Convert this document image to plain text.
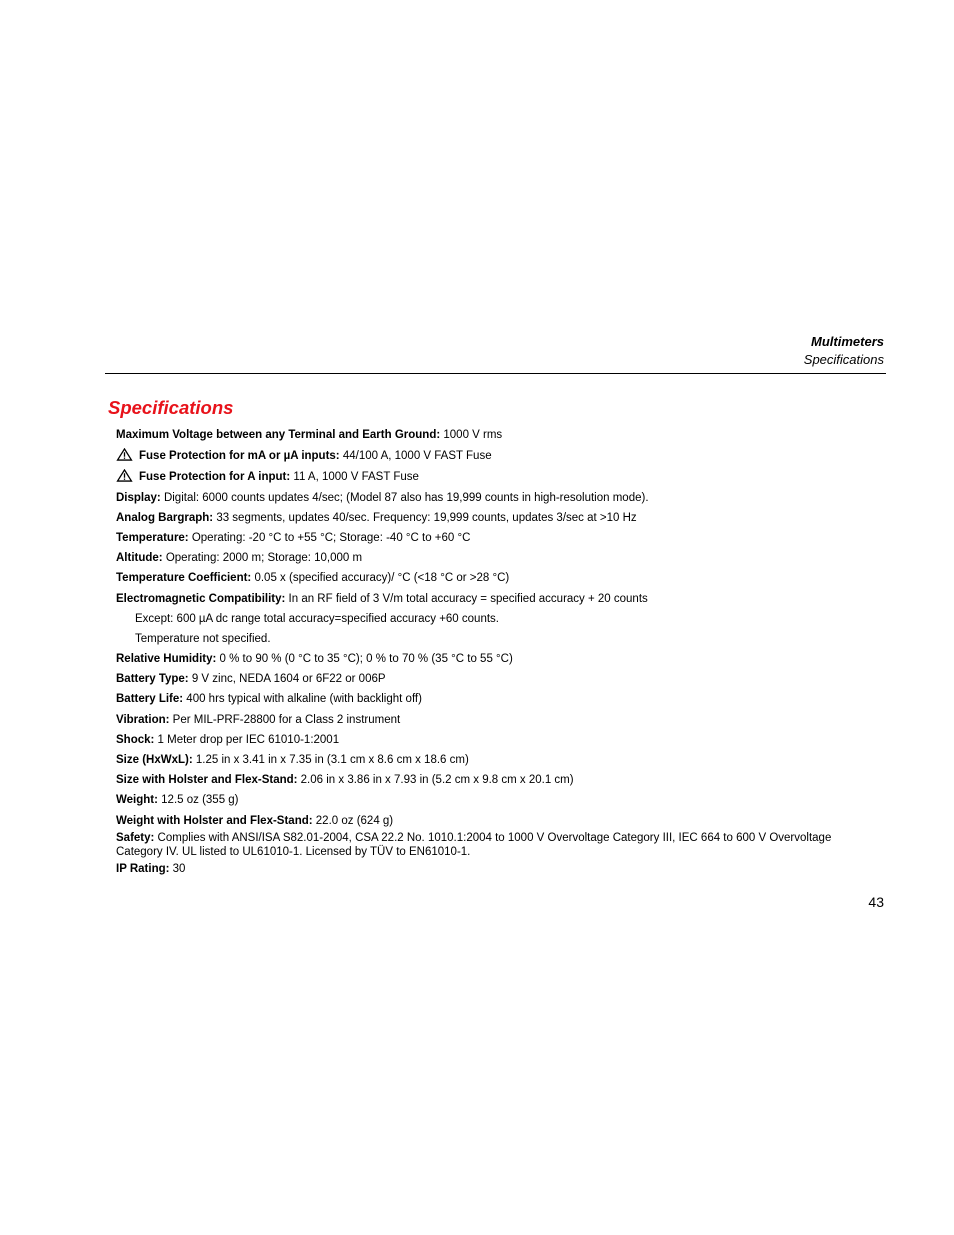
Multimeters
Specifications
Specifications
Maximum Voltage between any Terminal and Earth Ground: 1000 V rms
Fuse Protection for mA or µA inputs: 44/100 A, 1000 V FAST Fuse
Fuse Protection for A input: 11 A, 1000 V FAST Fuse
Display: Digital: 6000 counts updates 4/sec; (Model 87 also has 19,999 counts in high-resolution mode).
Analog Bargraph: 33 segments, updates 40/sec. Frequency: 19,999 counts, updates 3/sec at >10 Hz
Temperature: Operating: -20 °C to +55 °C; Storage: -40 °C to +60 °C
Altitude: Operating: 2000 m; Storage: 10,000 m
Temperature Coefficient: 0.05 x (specified accuracy)/ °C (<18 °C or >28 °C)
Electromagnetic Compatibility: In an RF field of 3 V/m total accuracy = specified accuracy + 20 counts
Except: 600 µA dc range total accuracy=specified accuracy +60 counts.
Temperature not specified.
Relative Humidity: 0 % to 90 % (0 °C to 35 °C); 0 % to 70 % (35 °C to 55 °C)
Battery Type: 9 V zinc, NEDA 1604 or 6F22 or 006P
Battery Life: 400 hrs typical with alkaline (with backlight off)
Vibration: Per MIL-PRF-28800 for a Class 2 instrument
Shock: 1 Meter drop per IEC 61010-1:2001
Size (HxWxL): 1.25 in x 3.41 in x 7.35 in (3.1 cm x 8.6 cm x 18.6 cm)
Size with Holster and Flex-Stand: 2.06 in x 3.86 in x 7.93 in (5.2 cm x 9.8 cm x 20.1 cm)
Weight: 12.5 oz (355 g)
Weight with Holster and Flex-Stand: 22.0 oz (624 g)
Safety: Complies with ANSI/ISA S82.01-2004, CSA 22.2 No. 1010.1:2004 to 1000 V Overvoltage Category III, IEC 664 to 600 V Overvoltage Category IV. UL listed to UL61010-1. Licensed by TÜV to EN61010-1.
IP Rating: 30
43
